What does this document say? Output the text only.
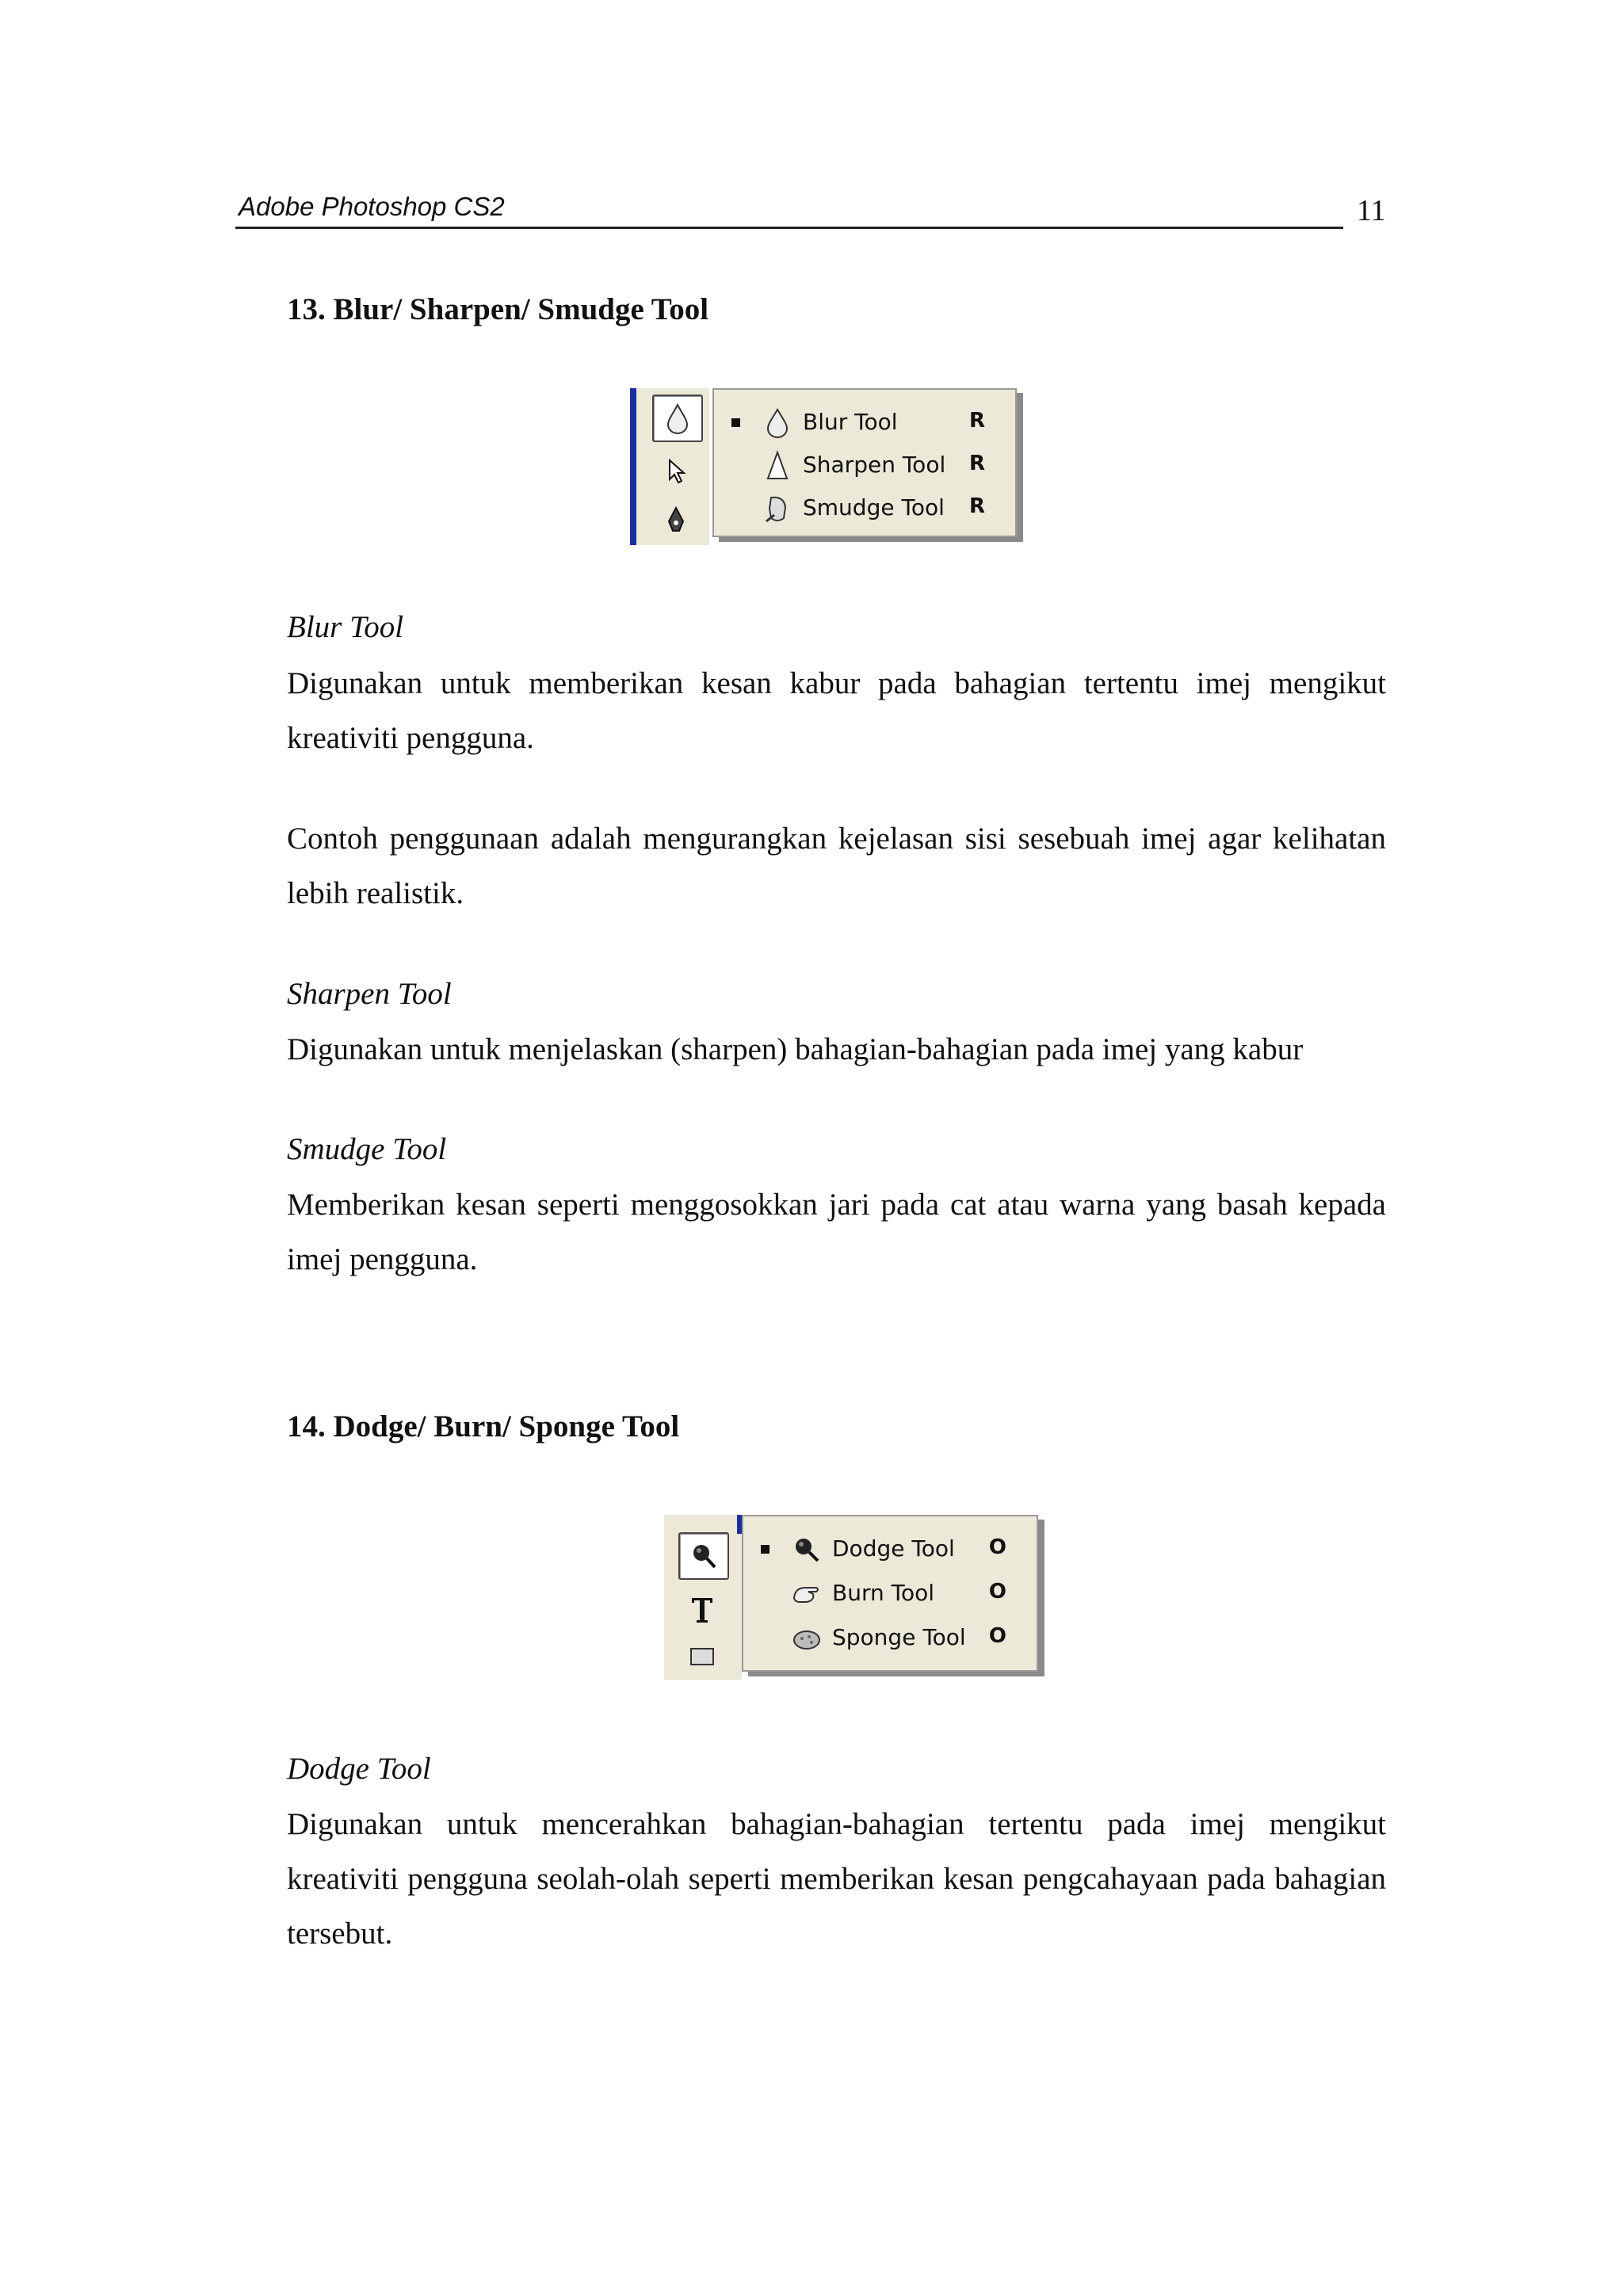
Adobe Photoshop CS2	11
13. Blur/ Sharpen/ Smudge Tool
Blur Tool	R
Sharpen Tool R
Smudge Tool R
Blur Tool
Digunakan untuk memberikan kesan kabur pada bahagian tertentu imej mengikut kreativiti pengguna.
Contoh penggunaan adalah mengurangkan kejelasan sisi sesebuah imej agar kelihatan lebih realistik.
Sharpen Tool
Digunakan untuk menjelaskan (sharpen) bahagian-bahagian pada imej yang kabur
Smudge Tool
Memberikan kesan seperti menggosokkan jari pada cat atau warna yang basah kepada imej pengguna.
14. Dodge/ Burn/ Sponge Tool
Dodge Tool O
Burn Tool	O
Sponge Tool O
Dodge Tool
Digunakan untuk mencerahkan bahagian-bahagian tertentu pada imej mengikut kreativiti pengguna seolah-olah seperti memberikan kesan pengcahayaan pada bahagian tersebut.
